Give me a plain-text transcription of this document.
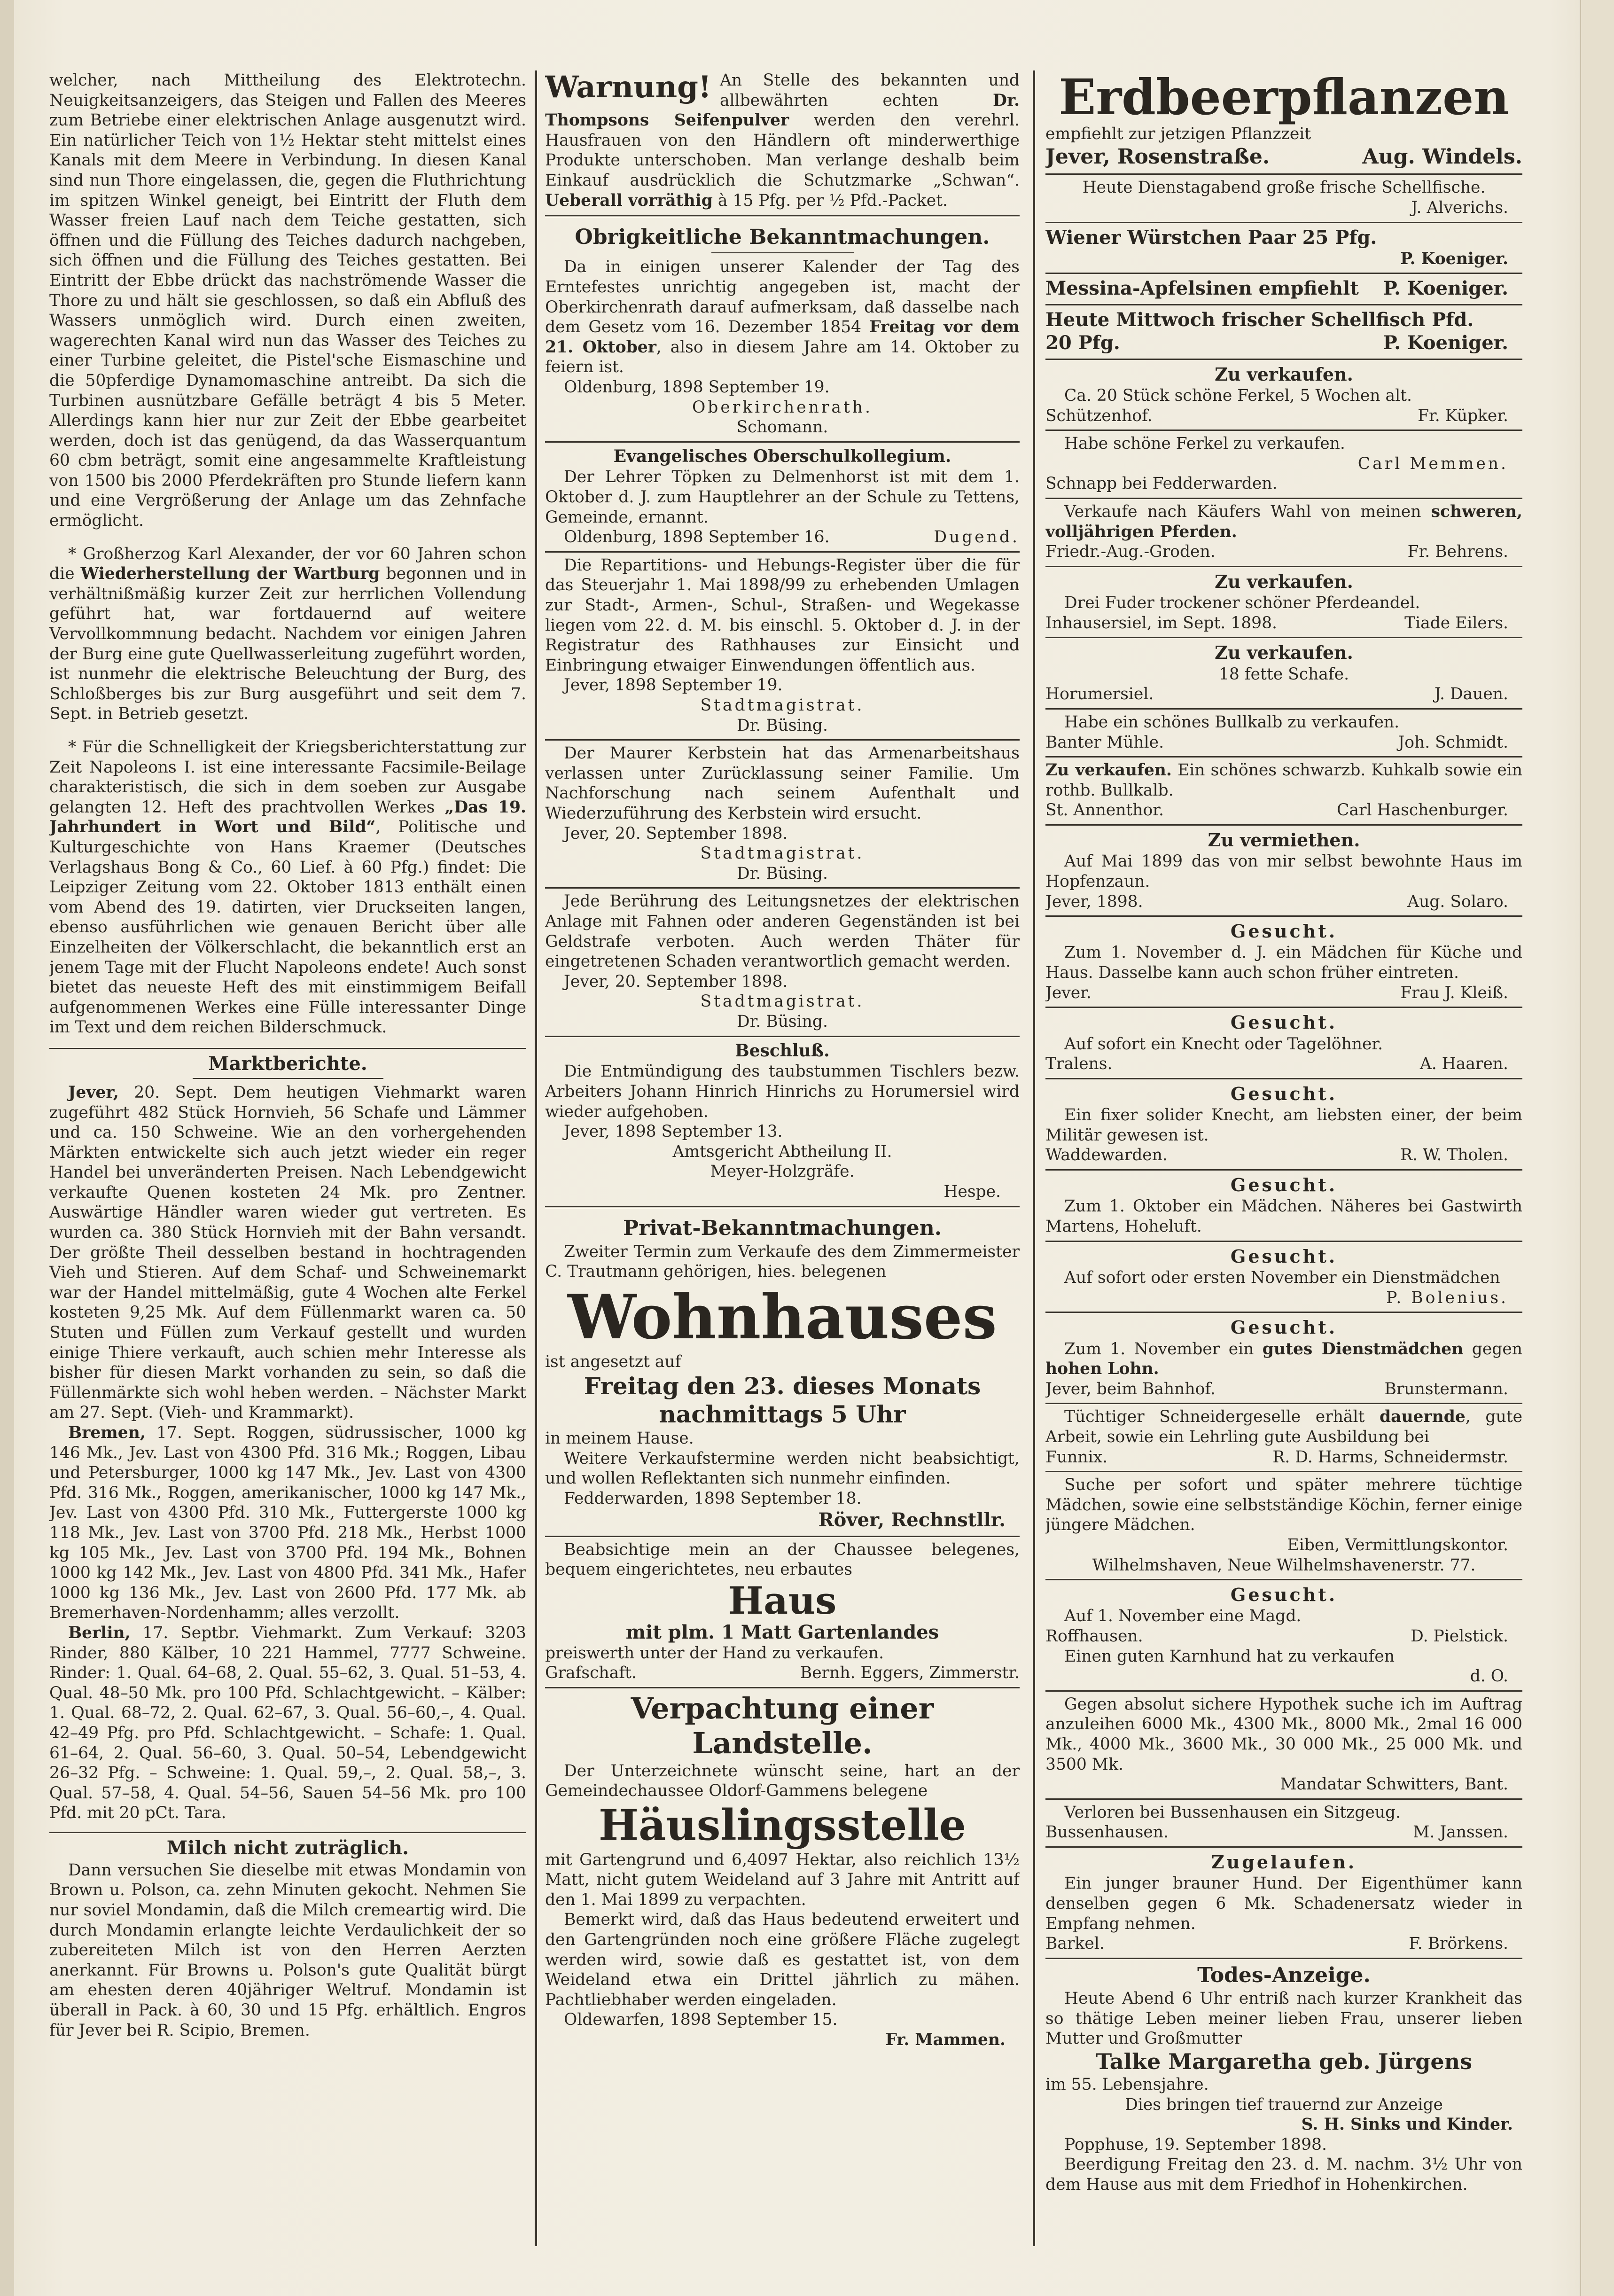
welcher, nach Mittheilung des Elektrotechn. Neuigkeitsanzeigers, das Steigen und Fallen des Meeres zum Betriebe einer elektrischen Anlage ausgenutzt wird. Ein natürlicher Teich von 1½ Hektar steht mittelst eines Kanals mit dem Meere in Verbindung. In diesen Kanal sind nun Thore eingelassen, die, gegen die Fluthrichtung im spitzen Winkel geneigt, bei Eintritt der Fluth dem Wasser freien Lauf nach dem Teiche gestatten, sich öffnen und die Füllung des Teiches dadurch nachgeben, sich öffnen und die Füllung des Teiches gestatten. Bei Eintritt der Ebbe drückt das nachströmende Wasser die Thore zu und hält sie geschlossen, so daß ein Abfluß des Wassers unmöglich wird. Durch einen zweiten, wagerechten Kanal wird nun das Wasser des Teiches zu einer Turbine geleitet, die Pistel'sche Eismaschine und die 50pferdige Dynamomaschine antreibt. Da sich die Turbinen ausnützbare Gefälle beträgt 4 bis 5 Meter. Allerdings kann hier nur zur Zeit der Ebbe gearbeitet werden, doch ist das genügend, da das Wasserquantum 60 cbm beträgt, somit eine angesammelte Kraftleistung von 1500 bis 2000 Pferdekräften pro Stunde liefern kann und eine Vergrößerung der Anlage um das Zehnfache ermöglicht.

* Großherzog Karl Alexander, der vor 60 Jahren schon die Wiederherstellung der Wartburg begonnen und in verhältnißmäßig kurzer Zeit zur herrlichen Vollendung geführt hat, war fortdauernd auf weitere Vervollkommnung bedacht. Nachdem vor einigen Jahren der Burg eine gute Quellwasserleitung zugeführt worden, ist nunmehr die elektrische Beleuchtung der Burg, des Schloßberges bis zur Burg ausgeführt und seit dem 7. Sept. in Betrieb gesetzt.

* Für die Schnelligkeit der Kriegsberichterstattung zur Zeit Napoleons I. ist eine interessante Facsimile-Beilage charakteristisch, die sich in dem soeben zur Ausgabe gelangten 12. Heft des prachtvollen Werkes „Das 19. Jahrhundert in Wort und Bild“, Politische und Kulturgeschichte von Hans Kraemer (Deutsches Verlagshaus Bong & Co., 60 Lief. à 60 Pfg.) findet: Die Leipziger Zeitung vom 22. Oktober 1813 enthält einen vom Abend des 19. datirten, vier Druckseiten langen, ebenso ausführlichen wie genauen Bericht über alle Einzelheiten der Völkerschlacht, die bekanntlich erst an jenem Tage mit der Flucht Napoleons endete! Auch sonst bietet das neueste Heft des mit einstimmigem Beifall aufgenommenen Werkes eine Fülle interessanter Dinge im Text und dem reichen Bilderschmuck.

Marktberichte.

Jever, 20. Sept. Dem heutigen Viehmarkt waren zugeführt 482 Stück Hornvieh, 56 Schafe und Lämmer und ca. 150 Schweine. Wie an den vorhergehenden Märkten entwickelte sich auch jetzt wieder ein reger Handel bei unveränderten Preisen. Nach Lebendgewicht verkaufte Quenen kosteten 24 Mk. pro Zentner. Auswärtige Händler waren wieder gut vertreten. Es wurden ca. 380 Stück Hornvieh mit der Bahn versandt. Der größte Theil desselben bestand in hochtragenden Vieh und Stieren. Auf dem Schaf- und Schweinemarkt war der Handel mittelmäßig, gute 4 Wochen alte Ferkel kosteten 9,25 Mk. Auf dem Füllenmarkt waren ca. 50 Stuten und Füllen zum Verkauf gestellt und wurden einige Thiere verkauft, auch schien mehr Interesse als bisher für diesen Markt vorhanden zu sein, so daß die Füllenmärkte sich wohl heben werden. – Nächster Markt am 27. Sept. (Vieh- und Krammarkt).

Bremen, 17. Sept. Roggen, südrussischer, 1000 kg 146 Mk., Jev. Last von 4300 Pfd. 316 Mk.; Roggen, Libau und Petersburger, 1000 kg 147 Mk., Jev. Last von 4300 Pfd. 316 Mk., Roggen, amerikanischer, 1000 kg 147 Mk., Jev. Last von 4300 Pfd. 310 Mk., Futtergerste 1000 kg 118 Mk., Jev. Last von 3700 Pfd. 218 Mk., Herbst 1000 kg 105 Mk., Jev. Last von 3700 Pfd. 194 Mk., Bohnen 1000 kg 142 Mk., Jev. Last von 4800 Pfd. 341 Mk., Hafer 1000 kg 136 Mk., Jev. Last von 2600 Pfd. 177 Mk. ab Bremerhaven-Nordenhamm; alles verzollt.

Berlin, 17. Septbr. Viehmarkt. Zum Verkauf: 3203 Rinder, 880 Kälber, 10 221 Hammel, 7777 Schweine. Rinder: 1. Qual. 64–68, 2. Qual. 55–62, 3. Qual. 51–53, 4. Qual. 48–50 Mk. pro 100 Pfd. Schlachtgewicht. – Kälber: 1. Qual. 68–72, 2. Qual. 62–67, 3. Qual. 56–60,–, 4. Qual. 42–49 Pfg. pro Pfd. Schlachtgewicht. – Schafe: 1. Qual. 61–64, 2. Qual. 56–60, 3. Qual. 50–54, Lebendgewicht 26–32 Pfg. – Schweine: 1. Qual. 59,–, 2. Qual. 58,–, 3. Qual. 57–58, 4. Qual. 54–56, Sauen 54–56 Mk. pro 100 Pfd. mit 20 pCt. Tara.

Milch nicht zuträglich.

Dann versuchen Sie dieselbe mit etwas Mondamin von Brown u. Polson, ca. zehn Minuten gekocht. Nehmen Sie nur soviel Mondamin, daß die Milch cremeartig wird. Die durch Mondamin erlangte leichte Verdaulichkeit der so zubereiteten Milch ist von den Herren Aerzten anerkannt. Für Browns u. Polson's gute Qualität bürgt am ehesten deren 40jähriger Weltruf. Mondamin ist überall in Pack. à 60, 30 und 15 Pfg. erhältlich. Engros für Jever bei R. Scipio, Bremen.

Warnung! An Stelle des bekannten und allbewährten echten Dr. Thompsons Seifenpulver werden den verehrl. Hausfrauen von den Händlern oft minderwerthige Produkte unterschoben. Man verlange deshalb beim Einkauf ausdrücklich die Schutzmarke „Schwan“. Ueberall vorräthig à 15 Pfg. per ½ Pfd.-Packet.

Obrigkeitliche Bekanntmachungen.

Da in einigen unserer Kalender der Tag des Erntefestes unrichtig angegeben ist, macht der Oberkirchenrath darauf aufmerksam, daß dasselbe nach dem Gesetz vom 16. Dezember 1854 Freitag vor dem 21. Oktober, also in diesem Jahre am 14. Oktober zu feiern ist.

Oldenburg, 1898 September 19.

Oberkirchenrath.

Schomann.

Evangelisches Oberschulkollegium.

Der Lehrer Töpken zu Delmenhorst ist mit dem 1. Oktober d. J. zum Hauptlehrer an der Schule zu Tettens, Gemeinde, ernannt.

Oldenburg, 1898 September 16.	Dugend.

Die Repartitions- und Hebungs-Register über die für das Steuerjahr 1. Mai 1898/99 zu erhebenden Umlagen zur Stadt-, Armen-, Schul-, Straßen- und Wegekasse liegen vom 22. d. M. bis einschl. 5. Oktober d. J. in der Registratur des Rathhauses zur Einsicht und Einbringung etwaiger Einwendungen öffentlich aus.

Jever, 1898 September 19.

Stadtmagistrat.

Dr. Büsing.

Der Maurer Kerbstein hat das Armenarbeitshaus verlassen unter Zurücklassung seiner Familie. Um Nachforschung nach seinem Aufenthalt und Wiederzuführung des Kerbstein wird ersucht.

Jever, 20. September 1898.

Stadtmagistrat.

Dr. Büsing.

Jede Berührung des Leitungsnetzes der elektrischen Anlage mit Fahnen oder anderen Gegenständen ist bei Geldstrafe verboten. Auch werden Thäter für eingetretenen Schaden verantwortlich gemacht werden.

Jever, 20. September 1898.

Stadtmagistrat.

Dr. Büsing.

Beschluß.

Die Entmündigung des taubstummen Tischlers bezw. Arbeiters Johann Hinrich Hinrichs zu Horumersiel wird wieder aufgehoben.

Jever, 1898 September 13.

Amtsgericht Abtheilung II.

Meyer-Holzgräfe.

Hespe.

Privat-Bekanntmachungen.

Zweiter Termin zum Verkaufe des dem Zimmermeister C. Trautmann gehörigen, hies. belegenen

Wohnhauses

ist angesetzt auf

Freitag den 23. dieses Monats

nachmittags 5 Uhr

in meinem Hause.

Weitere Verkaufstermine werden nicht beabsichtigt, und wollen Reflektanten sich nunmehr einfinden.

Fedderwarden, 1898 September 18.

Röver, Rechnstllr.

Beabsichtige mein an der Chaussee belegenes, bequem eingerichtetes, neu erbautes

Haus

mit plm. 1 Matt Gartenlandes

preiswerth unter der Hand zu verkaufen.

Grafschaft.	Bernh. Eggers, Zimmerstr.

Verpachtung einer Landstelle.

Der Unterzeichnete wünscht seine, hart an der Gemeindechaussee Oldorf-Gammens belegene

Häuslingsstelle

mit Gartengrund und 6,4097 Hektar, also reichlich 13½ Matt, nicht gutem Weideland auf 3 Jahre mit Antritt auf den 1. Mai 1899 zu verpachten.

Bemerkt wird, daß das Haus bedeutend erweitert und den Gartengründen noch eine größere Fläche zugelegt werden wird, sowie daß es gestattet ist, von dem Weideland etwa ein Drittel jährlich zu mähen. Pachtliebhaber werden eingeladen.

Oldewarfen, 1898 September 15.

Fr. Mammen.

Erdbeerpflanzen

empfiehlt zur jetzigen Pflanzzeit

Jever, Rosenstraße.	Aug. Windels.

Heute Dienstagabend große frische Schellfische.

J. Alverichs.

Wiener Würstchen Paar 25 Pfg.

P. Koeniger.

Messina-Apfelsinen empfiehlt P. Koeniger.

Heute Mittwoch frischer Schellfisch Pfd.

20 Pfg.	P. Koeniger.

Zu verkaufen.

Ca. 20 Stück schöne Ferkel, 5 Wochen alt.

Schützenhof.	Fr. Küpker.

Habe schöne Ferkel zu verkaufen.

Carl Memmen.

Schnapp bei Fedderwarden.

Verkaufe nach Käufers Wahl von meinen schweren, volljährigen Pferden.

Friedr.-Aug.-Groden.	Fr. Behrens.

Zu verkaufen.

Drei Fuder trockener schöner Pferdeandel.

Inhausersiel, im Sept. 1898.	Tiade Eilers.

Zu verkaufen.

18 fette Schafe.

Horumersiel.	J. Dauen.

Habe ein schönes Bullkalb zu verkaufen.

Banter Mühle.	Joh. Schmidt.

Zu verkaufen. Ein schönes schwarzb. Kuhkalb sowie ein rothb. Bullkalb.

St. Annenthor.	Carl Haschenburger.

Zu vermiethen.

Auf Mai 1899 das von mir selbst bewohnte Haus im Hopfenzaun.

Jever, 1898.	Aug. Solaro.

Gesucht.

Zum 1. November d. J. ein Mädchen für Küche und Haus. Dasselbe kann auch schon früher eintreten.

Jever.	Frau J. Kleiß.

Gesucht.

Auf sofort ein Knecht oder Tagelöhner.

Tralens.	A. Haaren.

Gesucht.

Ein fixer solider Knecht, am liebsten einer, der beim Militär gewesen ist.

Waddewarden.	R. W. Tholen.

Gesucht.

Zum 1. Oktober ein Mädchen. Näheres bei Gastwirth Martens, Hoheluft.

Gesucht.

Auf sofort oder ersten November ein Dienstmädchen

P. Bolenius.

Gesucht.

Zum 1. November ein gutes Dienstmädchen gegen hohen Lohn.

Jever, beim Bahnhof.	Brunstermann.

Tüchtiger Schneidergeselle erhält dauernde, gute Arbeit, sowie ein Lehrling gute Ausbildung bei

Funnix.	R. D. Harms, Schneidermstr.

Suche per sofort und später mehrere tüchtige Mädchen, sowie eine selbstständige Köchin, ferner einige jüngere Mädchen.

Eiben, Vermittlungskontor.

Wilhelmshaven, Neue Wilhelmshavenerstr. 77.

Gesucht.

Auf 1. November eine Magd.

Roffhausen.	D. Pielstick.

Einen guten Karnhund hat zu verkaufen

d. O.

Gegen absolut sichere Hypothek suche ich im Auftrag anzuleihen 6000 Mk., 4300 Mk., 8000 Mk., 2mal 16 000 Mk., 4000 Mk., 3600 Mk., 30 000 Mk., 25 000 Mk. und 3500 Mk.

Mandatar Schwitters, Bant.

Verloren bei Bussenhausen ein Sitzgeug.

Bussenhausen.	M. Janssen.

Zugelaufen.

Ein junger brauner Hund. Der Eigenthümer kann denselben gegen 6 Mk. Schadenersatz wieder in Empfang nehmen.

Barkel.	F. Brörkens.

Todes-Anzeige.

Heute Abend 6 Uhr entriß nach kurzer Krankheit das so thätige Leben meiner lieben Frau, unserer lieben Mutter und Großmutter

Talke Margaretha geb. Jürgens

im 55. Lebensjahre.

Dies bringen tief trauernd zur Anzeige

S. H. Sinks und Kinder.

Popphuse, 19. September 1898.

Beerdigung Freitag den 23. d. M. nachm. 3½ Uhr von dem Hause aus mit dem Friedhof in Hohenkirchen.
